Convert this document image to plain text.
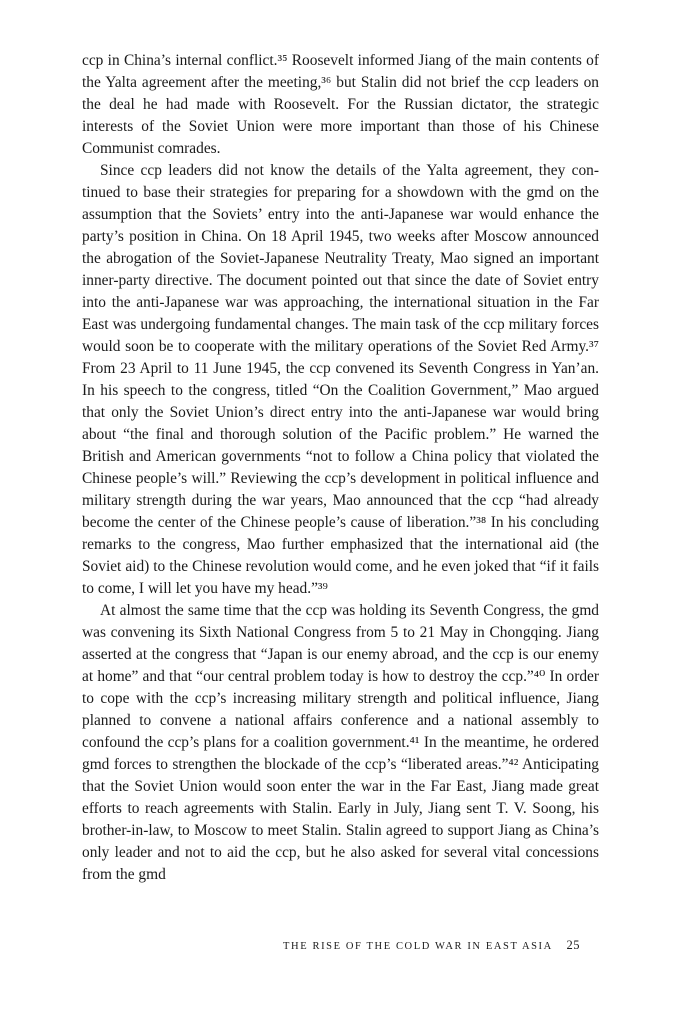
ccp in China’s internal conflict.³⁵ Roosevelt informed Jiang of the main contents of the Yalta agreement after the meeting,³⁶ but Stalin did not brief the ccp leaders on the deal he had made with Roosevelt. For the Russian dictator, the strategic interests of the Soviet Union were more important than those of his Chinese Communist comrades.

Since ccp leaders did not know the details of the Yalta agreement, they continued to base their strategies for preparing for a showdown with the gmd on the assumption that the Soviets’ entry into the anti-Japanese war would enhance the party’s position in China. On 18 April 1945, two weeks after Moscow announced the abrogation of the Soviet-Japanese Neutrality Treaty, Mao signed an important inner-party directive. The document pointed out that since the date of Soviet entry into the anti-Japanese war was approaching, the international situation in the Far East was undergoing fundamental changes. The main task of the ccp military forces would soon be to cooperate with the military operations of the Soviet Red Army.³⁷ From 23 April to 11 June 1945, the ccp convened its Seventh Congress in Yan’an. In his speech to the congress, titled “On the Coalition Government,” Mao argued that only the Soviet Union’s direct entry into the anti-Japanese war would bring about “the final and thorough solution of the Pacific problem.” He warned the British and American governments “not to follow a China policy that violated the Chinese people’s will.” Reviewing the ccp’s development in political influence and military strength during the war years, Mao announced that the ccp “had already become the center of the Chinese people’s cause of liberation.”³⁸ In his concluding remarks to the congress, Mao further emphasized that the international aid (the Soviet aid) to the Chinese revolution would come, and he even joked that “if it fails to come, I will let you have my head.”³⁹

At almost the same time that the ccp was holding its Seventh Congress, the gmd was convening its Sixth National Congress from 5 to 21 May in Chongqing. Jiang asserted at the congress that “Japan is our enemy abroad, and the ccp is our enemy at home” and that “our central problem today is how to destroy the ccp.”⁴⁰ In order to cope with the ccp’s increasing military strength and political influence, Jiang planned to convene a national affairs conference and a national assembly to confound the ccp’s plans for a coalition government.⁴¹ In the meantime, he ordered gmd forces to strengthen the blockade of the ccp’s “liberated areas.”⁴² Anticipating that the Soviet Union would soon enter the war in the Far East, Jiang made great efforts to reach agreements with Stalin. Early in July, Jiang sent T. V. Soong, his brother-in-law, to Moscow to meet Stalin. Stalin agreed to support Jiang as China’s only leader and not to aid the ccp, but he also asked for several vital concessions from the gmd

THE RISE OF THE COLD WAR IN EAST ASIA 25
